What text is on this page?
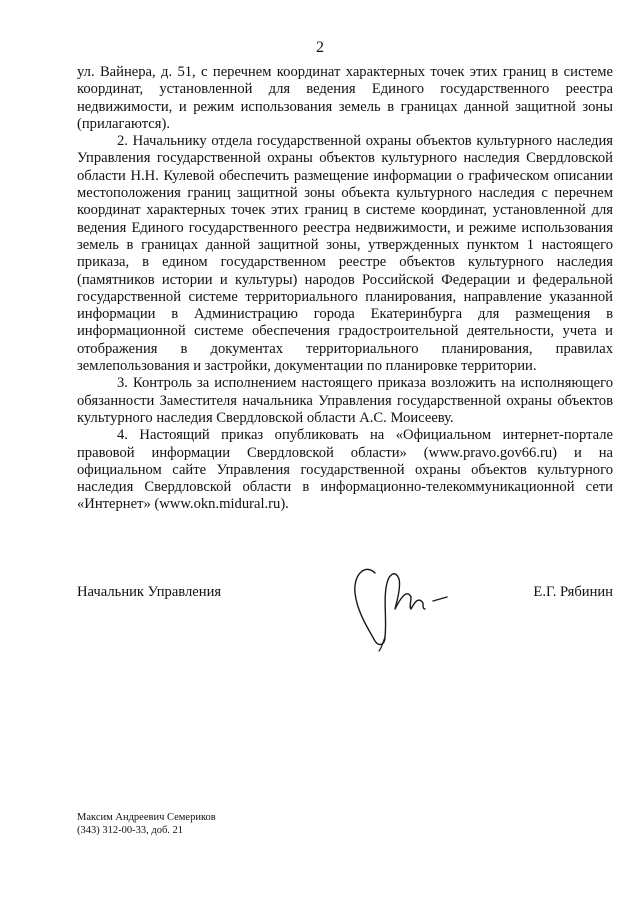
2

ул. Вайнера, д. 51, с перечнем координат характерных точек этих границ в системе координат, установленной для ведения Единого государственного реестра недвижимости, и режим использования земель в границах данной защитной зоны (прилагаются).

2. Начальнику отдела государственной охраны объектов культурного наследия Управления государственной охраны объектов культурного наследия Свердловской области Н.Н. Кулевой обеспечить размещение информации о графическом описании местоположения границ защитной зоны объекта культурного наследия с перечнем координат характерных точек этих границ в системе координат, установленной для ведения Единого государственного реестра недвижимости, и режиме использования земель в границах данной защитной зоны, утвержденных пунктом 1 настоящего приказа, в едином государственном реестре объектов культурного наследия (памятников истории и культуры) народов Российской Федерации и федеральной государственной системе территориального планирования, направление указанной информации в Администрацию города Екатеринбурга для размещения в информационной системе обеспечения градостроительной деятельности, учета и отображения в документах территориального планирования, правилах землепользования и застройки, документации по планировке территории.

3. Контроль за исполнением настоящего приказа возложить на исполняющего обязанности Заместителя начальника Управления государственной охраны объектов культурного наследия Свердловской области А.С. Моисееву.

4. Настоящий приказ опубликовать на «Официальном интернет-портале правовой информации Свердловской области» (www.pravo.gov66.ru) и на официальном сайте Управления государственной охраны объектов культурного наследия Свердловской области в информационно-телекоммуникационной сети «Интернет» (www.okn.midural.ru).

Начальник Управления	Е.Г. Рябинин
Максим Андреевич Семериков
(343) 312-00-33, доб. 21
